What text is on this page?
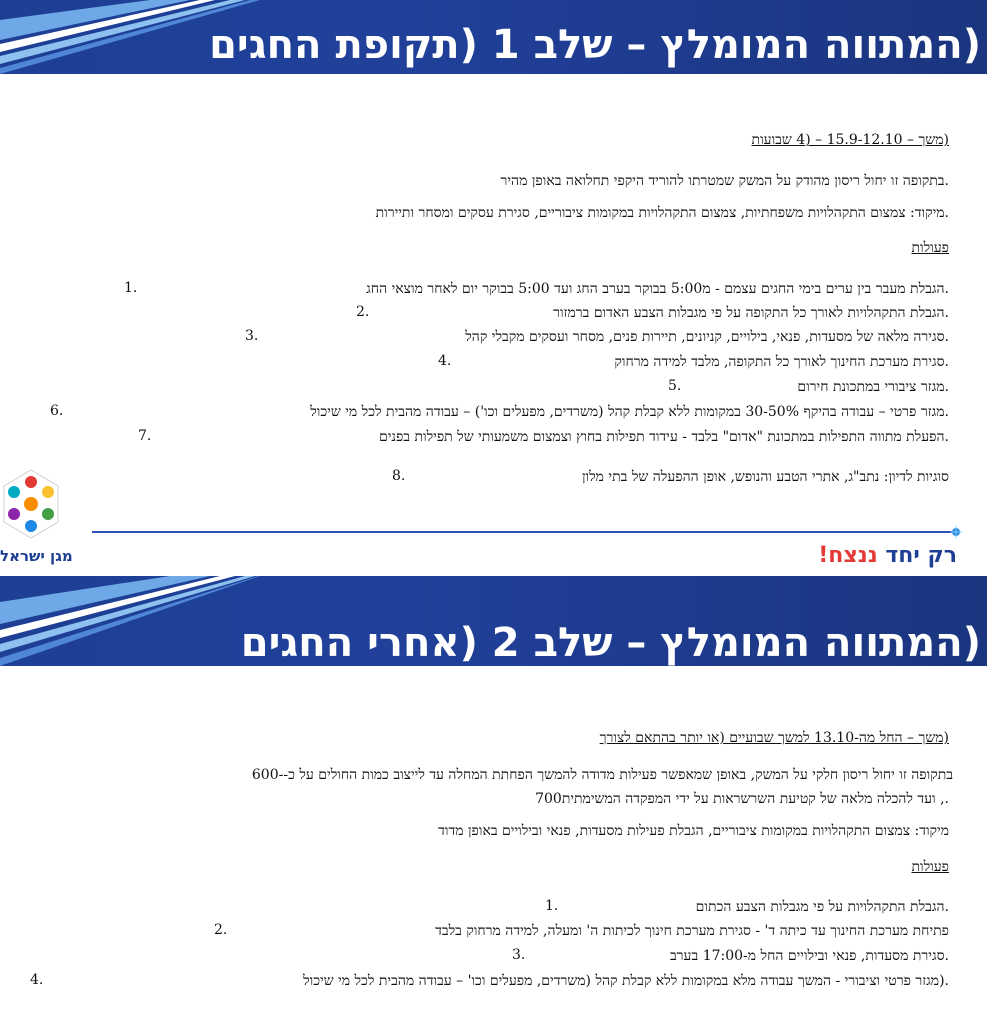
(המתווה המומלץ – שלב 1 (תקופת החגים
(משך – 15.9-12.10 – (4 שבועות
.בתקופה זו יחול ריסון מהודק על המשק שמטרתו להוריד היקפי תחלואה באופן מהיר
.מיקוד: צמצום התקהלויות משפחתיות, צמצום התקהלויות במקומות ציבוריים, סגירת עסקים ומסחר ותיירות
פעולות
.הגבלת מעבר בין ערים בימי החגים עצמם - מ5:00 בבוקר בערב החג ועד 5:00 בבוקר יום לאחר מוצאי החג
1.
.הגבלת התקהלויות לאורך כל התקופה על פי מגבלות הצבע האדום ברמזור
2.
.סגירה מלאה של מסעדות, פנאי, בילויים, קניונים, תיירות פנים, מסחר ועסקים מקבלי קהל
3.
.סגירת מערכת החינוך לאורך כל התקופה, מלבד למידה מרחוק
4.
.מגזר ציבורי במתכונת חירום
5.
.מגזר פרטי – עבודה בהיקף 30-50% במקומות ללא קבלת קהל (משרדים, מפעלים וכו') – עבודה מהבית לכל מי שיכול
6.
.הפעלת מתווה התפילות במתכונת "אדום" בלבד - עידוד תפילות בחוץ וצמצום משמעותי של תפילות בפנים
7.
סוגיות לדיון: נתב"ג, אתרי הטבע והנופש, אופן ההפעלה של בתי מלון
8.
מגן ישראל	רק יחד ננצח!
(המתווה המומלץ – שלב 2 (אחרי החגים
(משך – החל מה-13.10 למשך שבועיים (או יותר בהתאם לצורך
בתקופה זו יחול ריסון חלקי על המשק, באופן שמאפשר פעילות מדודה להמשך הפחתת המחלה עד לייצוב כמות החולים על כ--600
., ועד להכלה מלאה של קטיעת השרשראות על ידי המפקדה המשימתית700
מיקוד: צמצום התקהלויות במקומות ציבוריים, הגבלת פעילות מסעדות, פנאי ובילויים באופן מדוד
פעולות
.הגבלת התקהלויות על פי מגבלות הצבע הכתום
1.
פתיחת מערכת החינוך עד כיתה ד' - סגירת מערכת חינוך לכיתות ה' ומעלה, למידה מרחוק בלבד
2.
.סגירת מסעדות, פנאי ובילויים החל מ-17:00 בערב
3.
.(מגזר פרטי וציבורי - המשך עבודה מלא במקומות ללא קבלת קהל (משרדים, מפעלים וכו' – עבודה מהבית לכל מי שיכול
4.
